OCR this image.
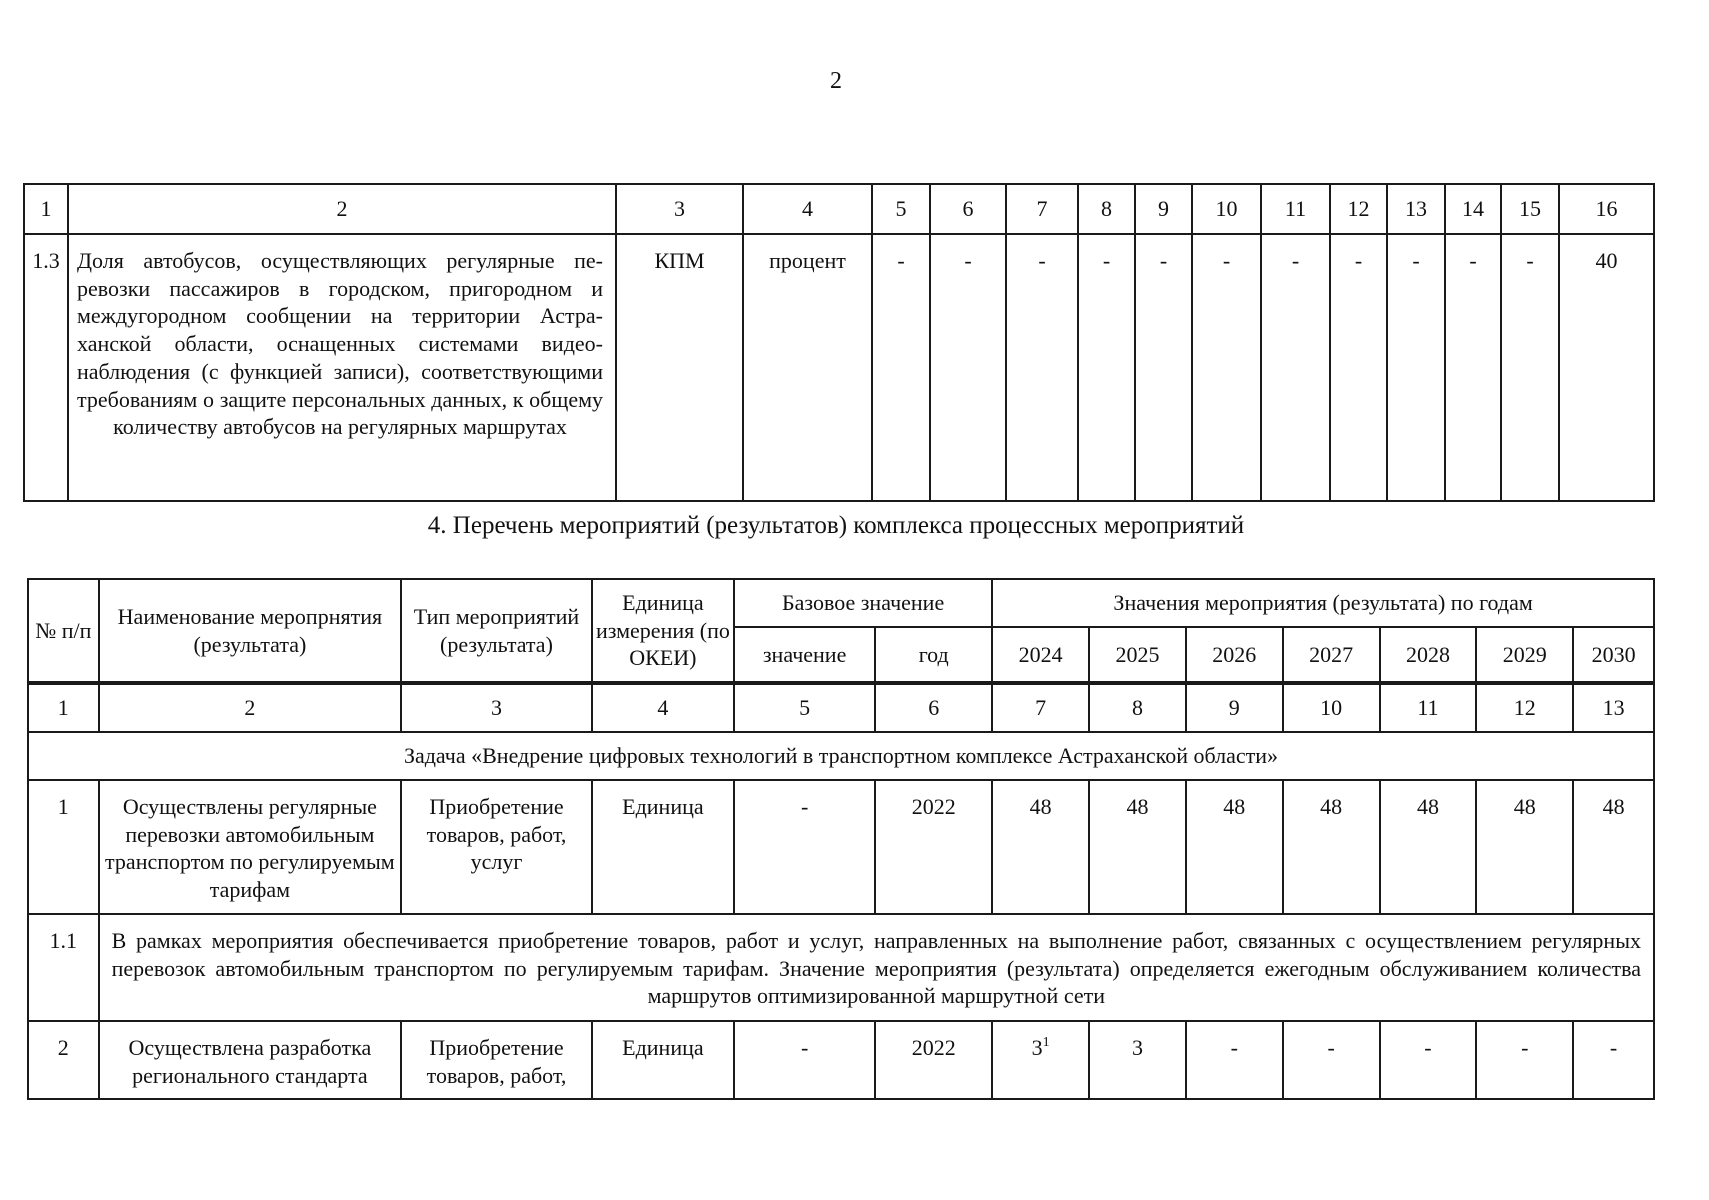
2
1	2	3	4	5	6	7	8	9	10	11	12	13	14	15	16
1.3	Доля автобусов, осуществляющих регулярные перевозки пассажиров в городском, пригородном и междугородном сообщении на территории Астраханской области, оснащенных системами видеонаблюдения (с функцией записи), соответствующими требованиям о защите персональных данных, к общему количеству автобусов на регулярных маршрутах	КПМ	процент	-	-	-	-	-	-	-	-	-	-	-	40
4. Перечень мероприятий (результатов) комплекса процессных мероприятий
№ п/п	Наименование меропрнятия (результата)	Тип мероприятий (результата)	Единица измерения (по ОКЕИ)	Базовое значение		Значения мероприятия (результата) по годам						
						2024	2025	2026	2027	2028	2029	2030
				значение	год							
1	2	3	4	5	6	7	8	9	10	11	12	13
Задача «Внедрение цифровых технологий в транспортном комплексе Астраханской области»												
1	Осуществлены регулярные перевозки автомобильным транспортом по регулируемым тарифам	Приобретение товаров, работ, услуг	Единица	-	2022	48	48	48	48	48	48	48
1.1	В рамках мероприятия обеспечивается приобретение товаров, работ и услуг, направленных на выполнение работ, связанных с осуществлением регулярных перевозок автомобильным транспортом по регулируемым тарифам. Значение мероприятия (результата) определяется ежегодным обслуживанием количества маршрутов оптимизированной маршрутной сети											
2	Осуществлена разработка регионального стандарта	Приобретение товаров, работ,	Единица	-	2022	$3^1$	3	-	-	-	-	-
